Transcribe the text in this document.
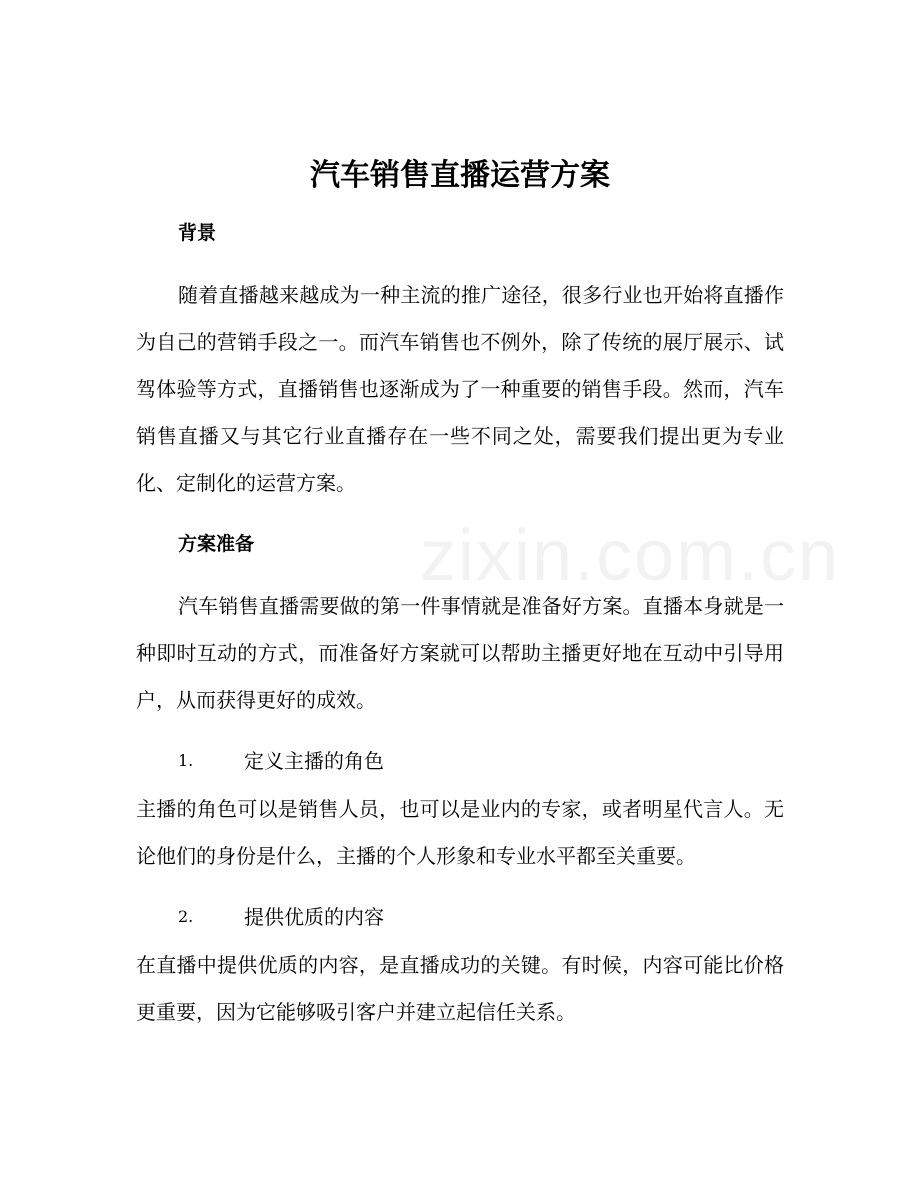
zixin.com.cn
汽车销售直播运营方案
背景

随着直播越来越成为一种主流的推广途径，很多行业也开始将直播作为自己的营销手段之一。而汽车销售也不例外，除了传统的展厅展示、试驾体验等方式，直播销售也逐渐成为了一种重要的销售手段。然而，汽车销售直播又与其它行业直播存在一些不同之处，需要我们提出更为专业化、定制化的运营方案。

方案准备

汽车销售直播需要做的第一件事情就是准备好方案。直播本身就是一种即时互动的方式，而准备好方案就可以帮助主播更好地在互动中引导用户，从而获得更好的成效。

1.	定义主播的角色

主播的角色可以是销售人员，也可以是业内的专家，或者明星代言人。无论他们的身份是什么，主播的个人形象和专业水平都至关重要。

2.	提供优质的内容

在直播中提供优质的内容，是直播成功的关键。有时候，内容可能比价格更重要，因为它能够吸引客户并建立起信任关系。
